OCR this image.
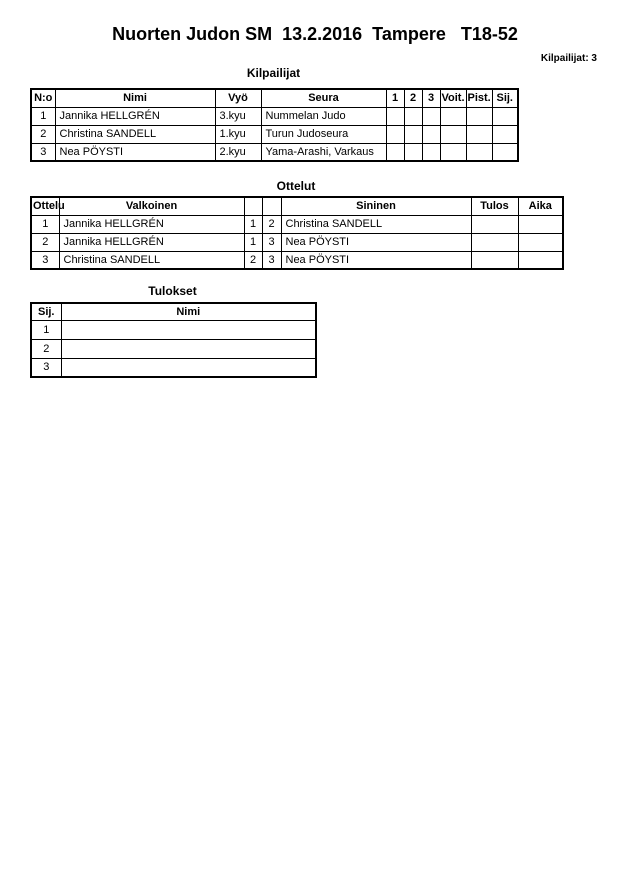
Nuorten Judon SM  13.2.2016  Tampere   T18-52
Kilpailijat: 3
Kilpailijat
N:o	Nimi	Vyö	Seura	1	2	3	Voit.	Pist.	Sij.
1	Jannika HELLGRÉN	3.kyu	Nummelan Judo						
2	Christina SANDELL	1.kyu	Turun Judoseura						
3	Nea PÖYSTI	2.kyu	Yama-Arashi, Varkaus						
Ottelut
Ottelu	Valkoinen			Sininen	Tulos	Aika
1	Jannika HELLGRÉN	1	2	Christina SANDELL		
2	Jannika HELLGRÉN	1	3	Nea PÖYSTI		
3	Christina SANDELL	2	3	Nea PÖYSTI		
Tulokset
Sij.	Nimi
1	
2	
3	
